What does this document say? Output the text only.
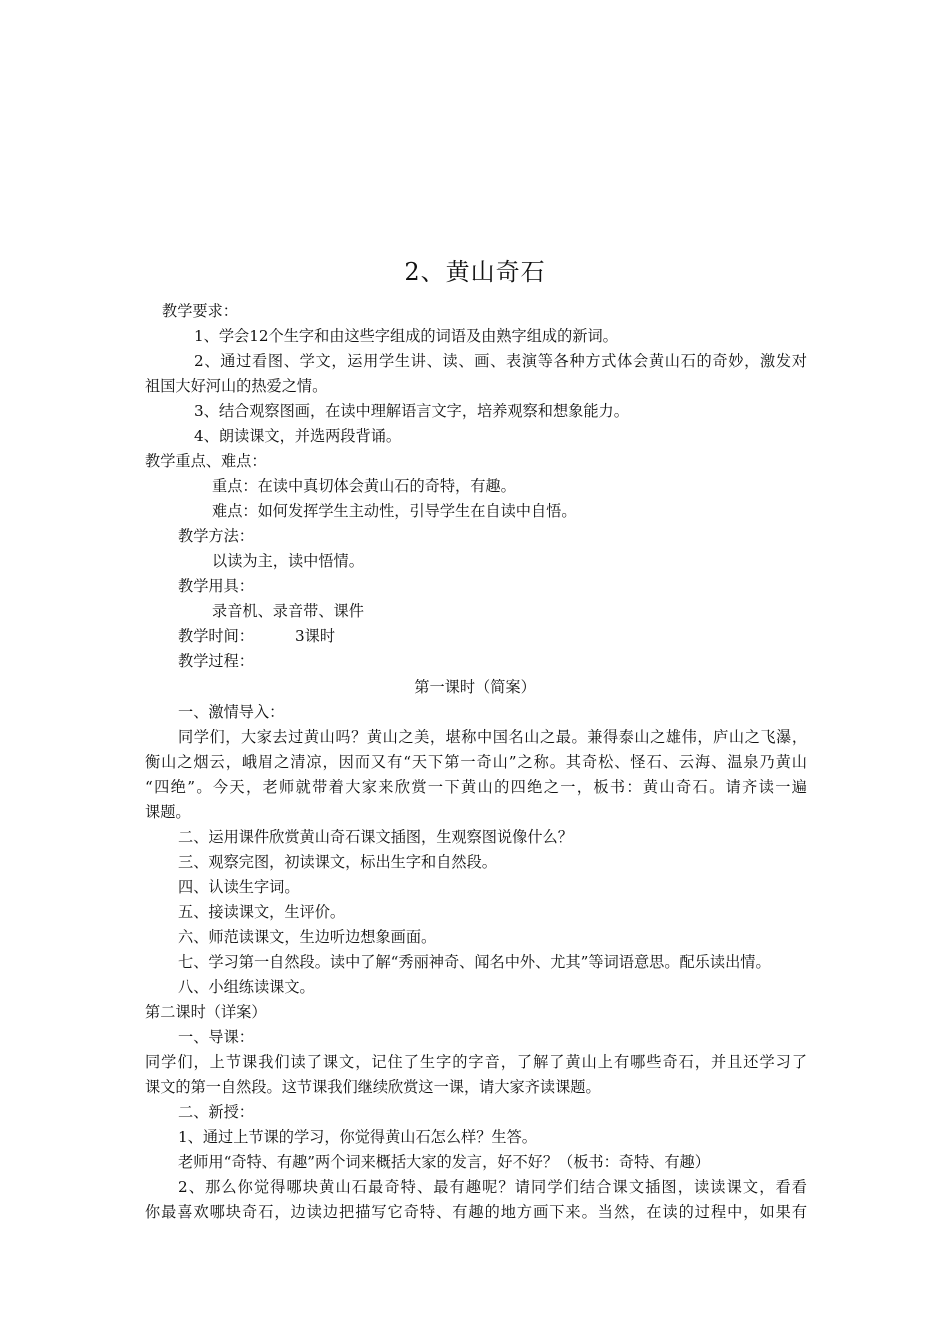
2、黄山奇石
教学要求：
1、学会12个生字和由这些字组成的词语及由熟字组成的新词。
2、通过看图、学文，运用学生讲、读、画、表演等各种方式体会黄山石的奇妙，激发对
祖国大好河山的热爱之情。
3、结合观察图画，在读中理解语言文字，培养观察和想象能力。
4、朗读课文，并选两段背诵。
教学重点、难点：
重点：在读中真切体会黄山石的奇特，有趣。
难点：如何发挥学生主动性，引导学生在自读中自悟。
教学方法：
以读为主，读中悟情。
教学用具：
录音机、录音带、课件
教学时间：	3课时
教学过程：
第一课时（简案）
一、激情导入：
同学们，大家去过黄山吗？黄山之美，堪称中国名山之最。兼得泰山之雄伟，庐山之飞瀑，
衡山之烟云，峨眉之清凉，因而又有“天下第一奇山”之称。其奇松、怪石、云海、温泉乃黄山
“四绝”。今天，老师就带着大家来欣赏一下黄山的四绝之一，板书：黄山奇石。请齐读一遍
课题。
二、运用课件欣赏黄山奇石课文插图，生观察图说像什么？
三、观察完图，初读课文，标出生字和自然段。
四、认读生字词。
五、接读课文，生评价。
六、师范读课文，生边听边想象画面。
七、学习第一自然段。读中了解“秀丽神奇、闻名中外、尤其”等词语意思。配乐读出情。
八、小组练读课文。
第二课时（详案）
一、导课：
同学们，上节课我们读了课文，记住了生字的字音，了解了黄山上有哪些奇石，并且还学习了
课文的第一自然段。这节课我们继续欣赏这一课，请大家齐读课题。
二、新授：
1、通过上节课的学习，你觉得黄山石怎么样？生答。
老师用“奇特、有趣”两个词来概括大家的发言，好不好？（板书：奇特、有趣）
2、那么你觉得哪块黄山石最奇特、最有趣呢？请同学们结合课文插图，读读课文，看看
你最喜欢哪块奇石，边读边把描写它奇特、有趣的地方画下来。当然，在读的过程中，如果有
